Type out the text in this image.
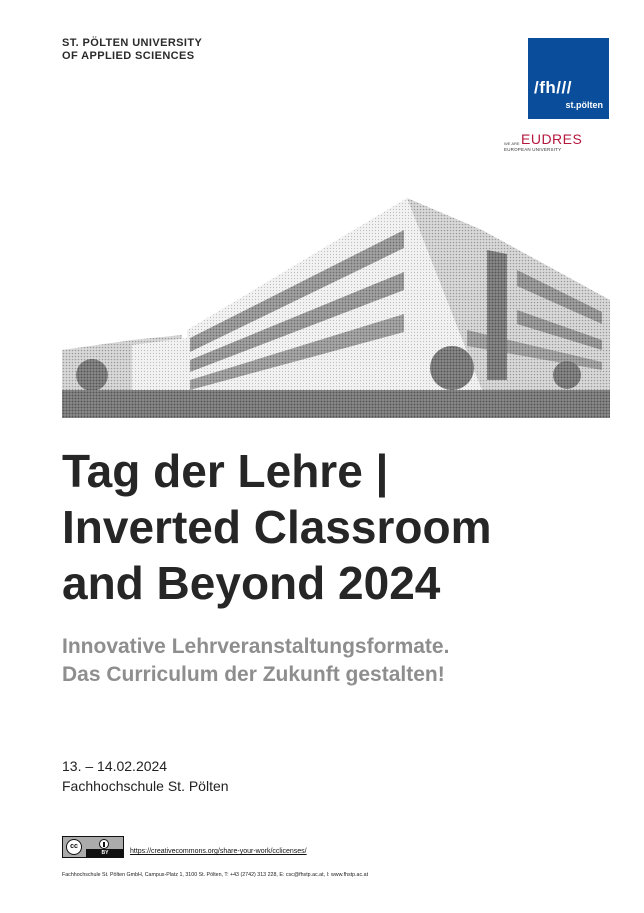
ST. PÖLTEN UNIVERSITY
OF APPLIED SCIENCES
/fh///
st.pölten
WE ARE EUDRES
EUROPEAN UNIVERSITY
Tag der Lehre |
Inverted Classroom
and Beyond 2024
Innovative Lehrveranstaltungsformate.
Das Curriculum der Zukunft gestalten!
13. – 14.02.2024
Fachhochschule St. Pölten
cc
BY	https://creativecommons.org/share-your-work/cclicenses/
Fachhochschule St. Pölten GmbH, Campus-Platz 1, 3100 St. Pölten, T: +43 (2742) 313 228, E: csc@fhstp.ac.at, I: www.fhstp.ac.at
